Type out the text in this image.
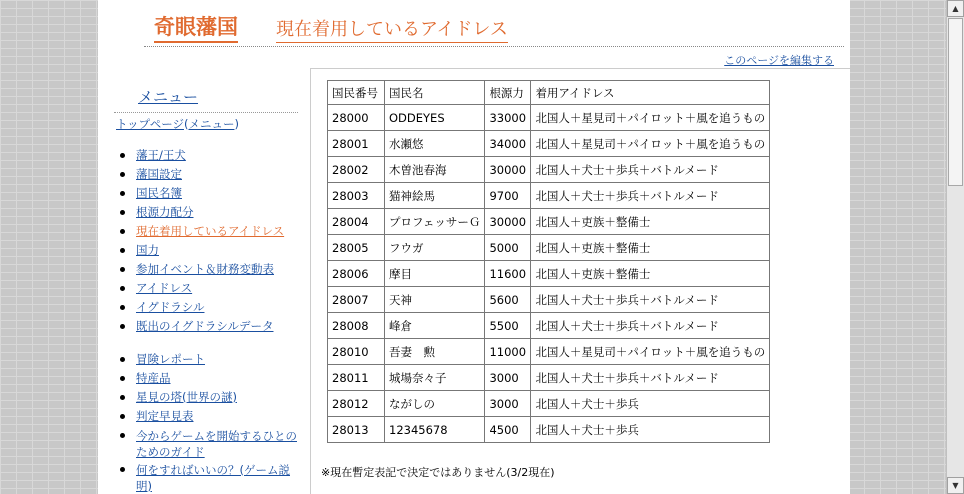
奇眼藩国 現在着用しているアイドレス
このページを編集する
メニュー
トップページ(メニュー)
藩王/王犬
藩国設定
国民名簿
根源力配分
現在着用しているアイドレス
国力
参加イベント＆財務変動表
アイドレス
イグドラシル
既出のイグドラシルデータ
冒険レポート
特産品
星見の塔(世界の謎)
判定早見表
今からゲームを開始するひとのためのガイド
何をすればいいの？(ゲーム説明)
国民番号	国民名	根源力	着用アイドレス
28000	ODDEYES	33000	北国人＋星見司＋パイロット＋風を追うもの
28001	水瀬悠	34000	北国人＋星見司＋パイロット＋風を追うもの
28002	木曽池春海	30000	北国人＋犬士＋歩兵＋バトルメード
28003	猫神絵馬	9700	北国人＋犬士＋歩兵＋バトルメード
28004	プロフェッサーＧ	30000	北国人＋吏族＋整備士
28005	フウガ	5000	北国人＋吏族＋整備士
28006	摩目	11600	北国人＋吏族＋整備士
28007	天神	5600	北国人＋犬士＋歩兵＋バトルメード
28008	峰倉	5500	北国人＋犬士＋歩兵＋バトルメード
28010	吾妻　勲	11000	北国人＋星見司＋パイロット＋風を追うもの
28011	城場奈々子	3000	北国人＋犬士＋歩兵＋バトルメード
28012	ながしの	3000	北国人＋犬士＋歩兵
28013	12345678	4500	北国人＋犬士＋歩兵
※現在暫定表記で決定ではありません(3/2現在)
▲
▼
